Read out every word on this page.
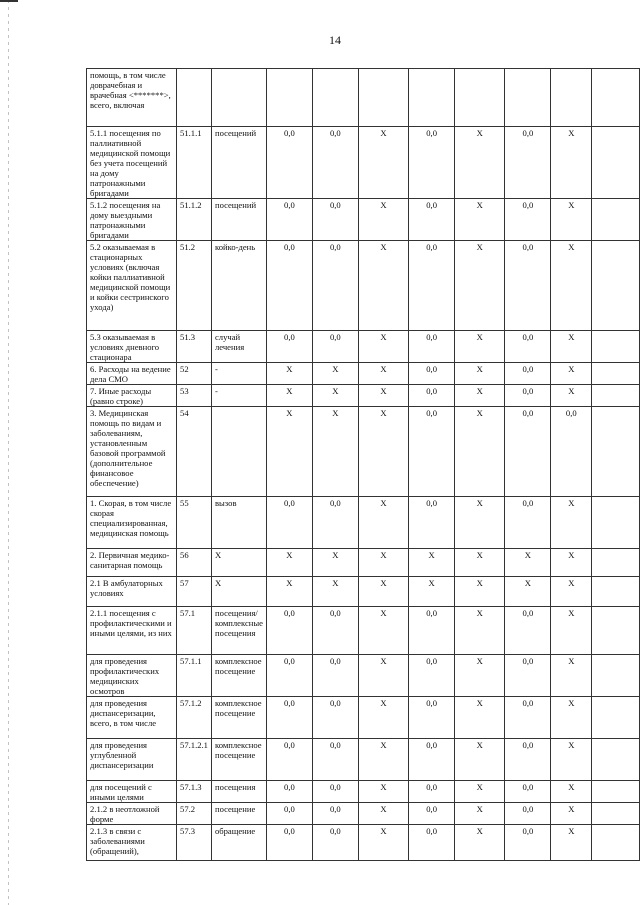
14
помощь, в том числе доврачебная и врачебная <*******>, всего, включая										
5.1.1 посещения по паллиативной медицинской помощи без учета посещений на дому патронажными бригадами	51.1.1	посещений	0,0	0,0	X	0,0	X	0,0	X	
5.1.2 посещения на дому выездными патронажными бригадами	51.1.2	посещений	0,0	0,0	X	0,0	X	0,0	X	
5.2 оказываемая в стационарных условиях (включая койки паллиативной медицинской помощи и койки сестринского ухода)	51.2	койко-день	0,0	0,0	X	0,0	X	0,0	X	
5.3 оказываемая в условиях дневного стационара	51.3	случай лечения	0,0	0,0	X	0,0	X	0,0	X	
6. Расходы на ведение дела СМО	52	-	X	X	X	0,0	X	0,0	X	
7. Иные расходы (равно строке)	53	-	X	X	X	0,0	X	0,0	X	
3. Медицинская помощь по видам и заболеваниям, установленным базовой программой (дополнительное финансовое обеспечение)	54		X	X	X	0,0	X	0,0	0,0	
1. Скорая, в том числе скорая специализированная, медицинская помощь	55	вызов	0,0	0,0	X	0,0	X	0,0	X	
2. Первичная медико-санитарная помощь	56	X	X	X	X	X	X	X	X	
2.1 В амбулаторных условиях	57	X	X	X	X	X	X	X	X	
2.1.1 посещения с профилактическими и иными целями, из них	57.1	посещения/комплексные посещения	0,0	0,0	X	0,0	X	0,0	X	
для проведения профилактических медицинских осмотров	57.1.1	комплексное посещение	0,0	0,0	X	0,0	X	0,0	X	
для проведения диспансеризации, всего, в том числе	57.1.2	комплексное посещение	0,0	0,0	X	0,0	X	0,0	X	
для проведения углубленной диспансеризации	57.1.2.1	комплексное посещение	0,0	0,0	X	0,0	X	0,0	X	
для посещений с иными целями	57.1.3	посещения	0,0	0,0	X	0,0	X	0,0	X	
2.1.2 в неотложной форме	57.2	посещение	0,0	0,0	X	0,0	X	0,0	X	
2.1.3 в связи с заболеваниями (обращений),	57.3	обращение	0,0	0,0	X	0,0	X	0,0	X	
